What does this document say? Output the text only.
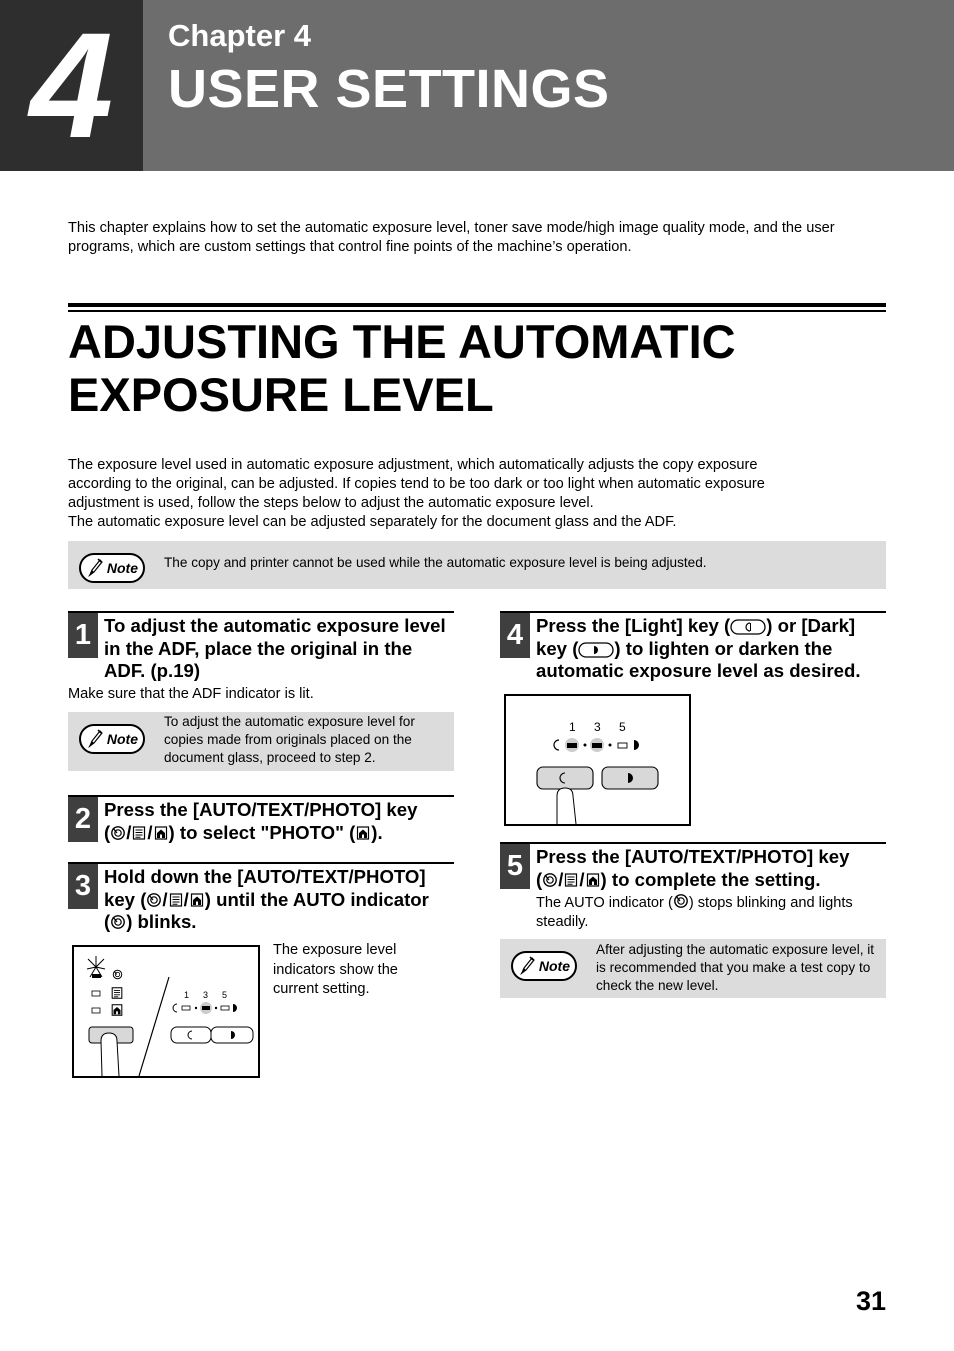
4	Chapter 4
USER SETTINGS

This chapter explains how to set the automatic exposure level, toner save mode/high image quality mode, and the user programs, which are custom settings that control fine points of the machine’s operation.

ADJUSTING THE AUTOMATIC
EXPOSURE LEVEL
The exposure level used in automatic exposure adjustment, which automatically adjusts the copy exposure
according to the original, can be adjusted. If copies tend to be too dark or too light when automatic exposure
adjustment is used, follow the steps below to adjust the automatic exposure level.
The automatic exposure level can be adjusted separately for the document glass and the ADF.
Note	The copy and printer cannot be used while the automatic exposure level is being adjusted.
1 To adjust the automatic exposure level in the ADF, place the original in the ADF. (p.19)
Make sure that the ADF indicator is lit.
Note
To adjust the automatic exposure level for copies made from originals placed on the document glass, proceed to step 2.
2 Press the [AUTO/TEXT/PHOTO] key
( / / ) to select "PHOTO" ( ).
3 Hold down the [AUTO/TEXT/PHOTO]
key ( / / ) until the AUTO indicator
( ) blinks.
1 3 5
The exposure level indicators show the current setting.
4 Press the [Light] key ( ) or [Dark]
key ( ) to lighten or darken the
automatic exposure level as desired.
1 3 5
5 Press the [AUTO/TEXT/PHOTO] key
( / / ) to complete the setting.
The AUTO indicator ( ) stops blinking and lights steadily.
Note
After adjusting the automatic exposure level, it is recommended that you make a test copy to check the new level.
31
